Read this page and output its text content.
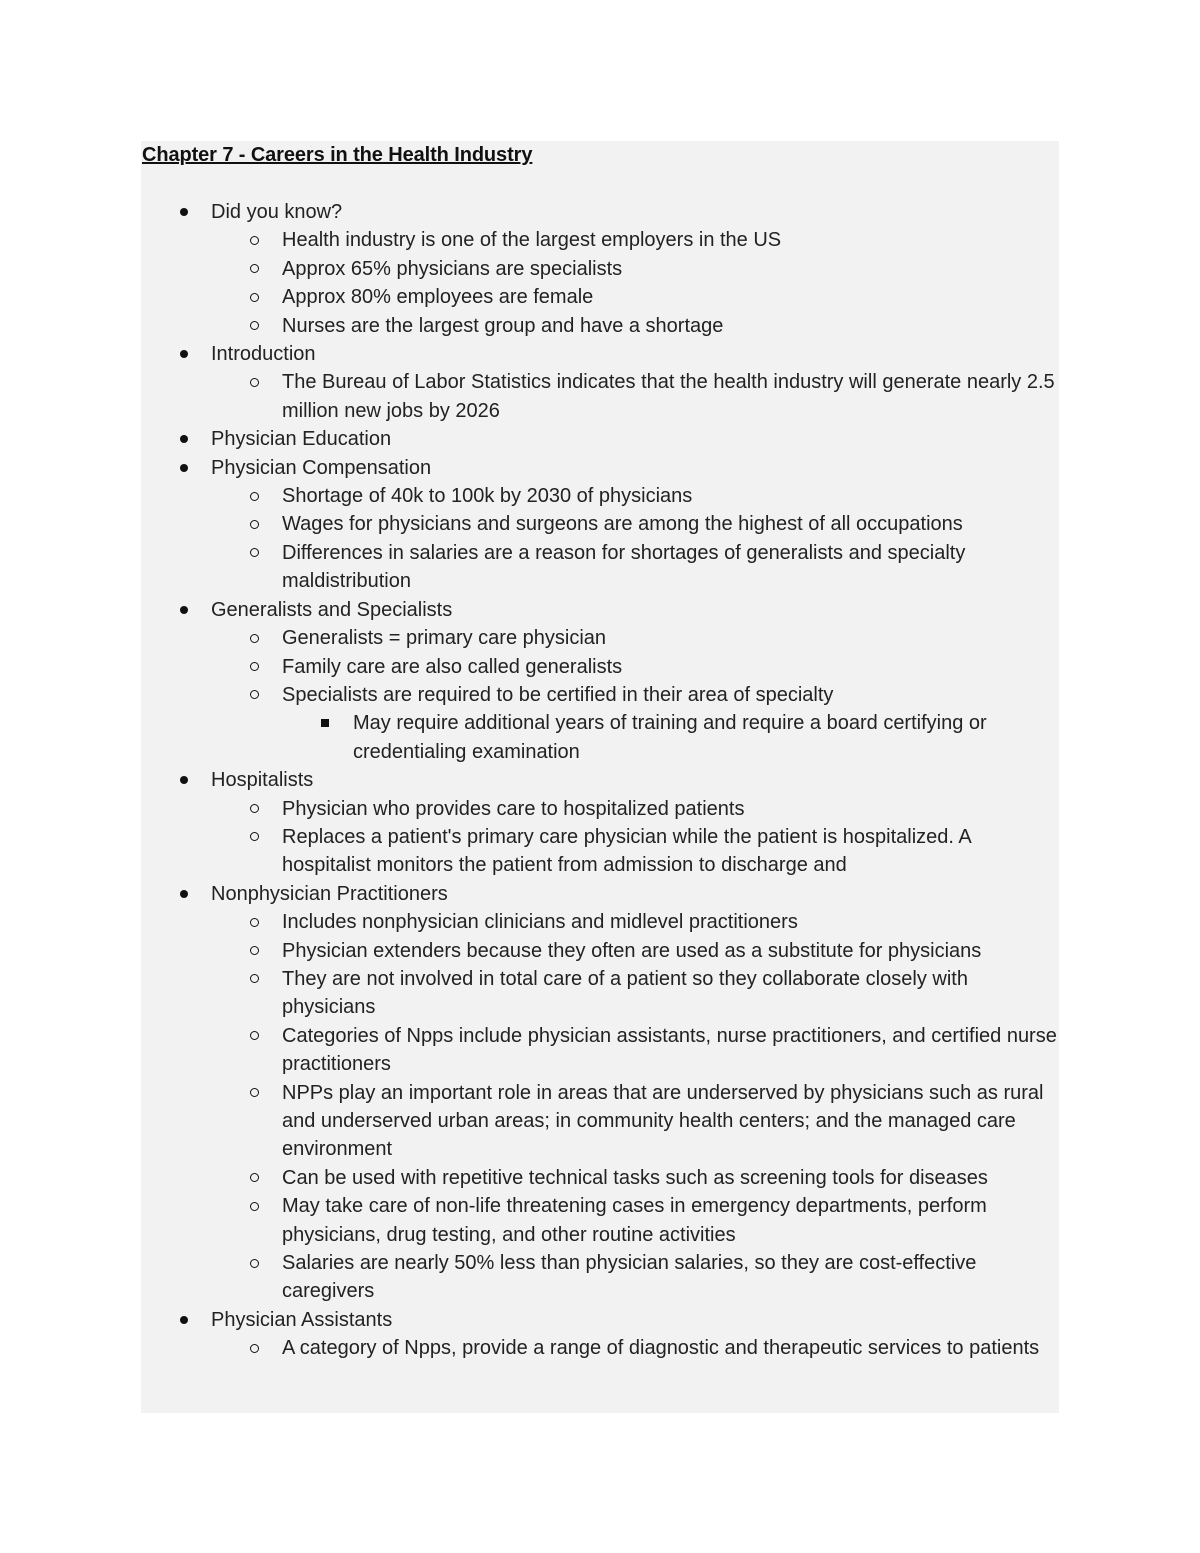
Chapter 7 - Careers in the Health Industry
Did you know?
Health industry is one of the largest employers in the US
Approx 65% physicians are specialists
Approx 80% employees are female
Nurses are the largest group and have a shortage
Introduction
The Bureau of Labor Statistics indicates that the health industry will generate nearly 2.5 million new jobs by 2026
Physician Education
Physician Compensation
Shortage of 40k to 100k by 2030 of physicians
Wages for physicians and surgeons are among the highest of all occupations
Differences in salaries are a reason for shortages of generalists and specialty maldistribution
Generalists and Specialists
Generalists = primary care physician
Family care are also called generalists
Specialists are required to be certified in their area of specialty
May require additional years of training and require a board certifying or credentialing examination
Hospitalists
Physician who provides care to hospitalized patients
Replaces a patient's primary care physician while the patient is hospitalized. A hospitalist monitors the patient from admission to discharge and
Nonphysician Practitioners
Includes nonphysician clinicians and midlevel practitioners
Physician extenders because they often are used as a substitute for physicians
They are not involved in total care of a patient so they collaborate closely with physicians
Categories of Npps include physician assistants, nurse practitioners, and certified nurse practitioners
NPPs play an important role in areas that are underserved by physicians such as rural and underserved urban areas; in community health centers; and the managed care environment
Can be used with repetitive technical tasks such as screening tools for diseases
May take care of non-life threatening cases in emergency departments, perform physicians, drug testing, and other routine activities
Salaries are nearly 50% less than physician salaries, so they are cost-effective caregivers
Physician Assistants
A category of Npps, provide a range of diagnostic and therapeutic services to patients
